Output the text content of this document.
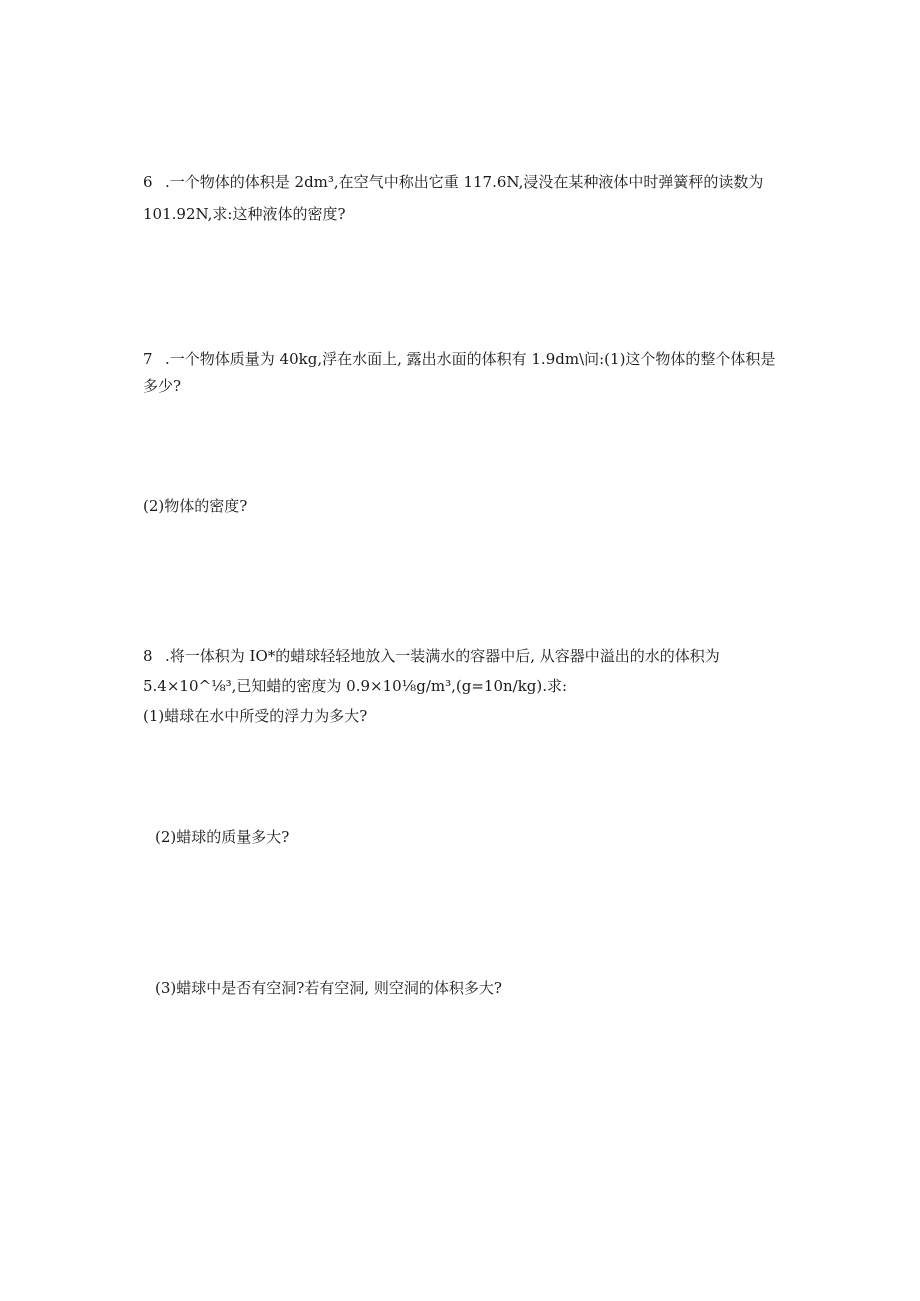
6 .一个物体的体积是 2dm³,在空气中称出它重 117.6N,浸没在某种液体中时弹簧秤的读数为
101.92N,求:这种液体的密度?
7 .一个物体质量为 40kg,浮在水面上, 露出水面的体积有 1.9dm\问:(1)这个物体的整个体积是
多少?
(2)物体的密度?
8 .将一体积为 IO*的蜡球轻轻地放入一装满水的容器中后, 从容器中溢出的水的体积为
5.4×10^⅛³,已知蜡的密度为 0.9×10⅛g∕m³,(g=10n∕kg).求:
(1)蜡球在水中所受的浮力为多大?
(2)蜡球的质量多大?
(3)蜡球中是否有空洞?若有空洞, 则空洞的体积多大?
